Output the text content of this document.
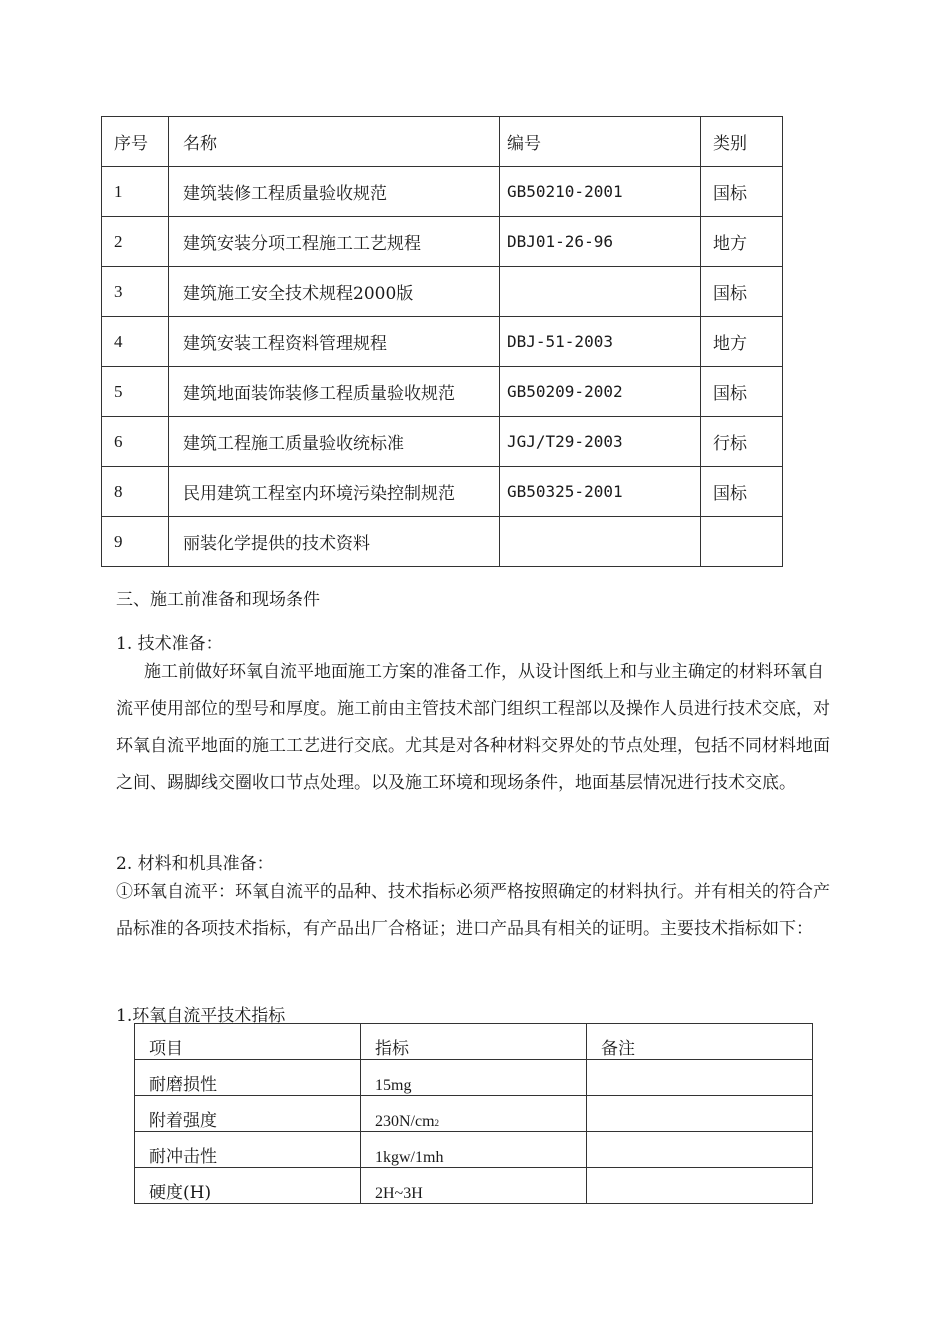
序号	名称	编号	类别
1	建筑装修工程质量验收规范	GB50210-2001	国标
2	建筑安装分项工程施工工艺规程	DBJ01-26-96	地方
3	建筑施工安全技术规程2000版		国标
4	建筑安装工程资料管理规程	DBJ-51-2003	地方
5	建筑地面装饰装修工程质量验收规范	GB50209-2002	国标
6	建筑工程施工质量验收统标准	JGJ/T29-2003	行标
8	民用建筑工程室内环境污染控制规范	GB50325-2001	国标
9	丽装化学提供的技术资料		
三、施工前准备和现场条件
1. 技术准备：
施工前做好环氧自流平地面施工方案的准备工作，从设计图纸上和与业主确定的材料环氧自流平使用部位的型号和厚度。施工前由主管技术部门组织工程部以及操作人员进行技术交底，对环氧自流平地面的施工工艺进行交底。尤其是对各种材料交界处的节点处理，包括不同材料地面之间、踢脚线交圈收口节点处理。以及施工环境和现场条件，地面基层情况进行技术交底。
2. 材料和机具准备：
①环氧自流平：环氧自流平的品种、技术指标必须严格按照确定的材料执行。并有相关的符合产品标准的各项技术指标，有产品出厂合格证；进口产品具有相关的证明。主要技术指标如下：
1.环氧自流平技术指标
项目	指标	备注
耐磨损性	15mg	
附着强度	230N/cm2	
耐冲击性	1kgw/1mh	
硬度(H)	2H~3H	
